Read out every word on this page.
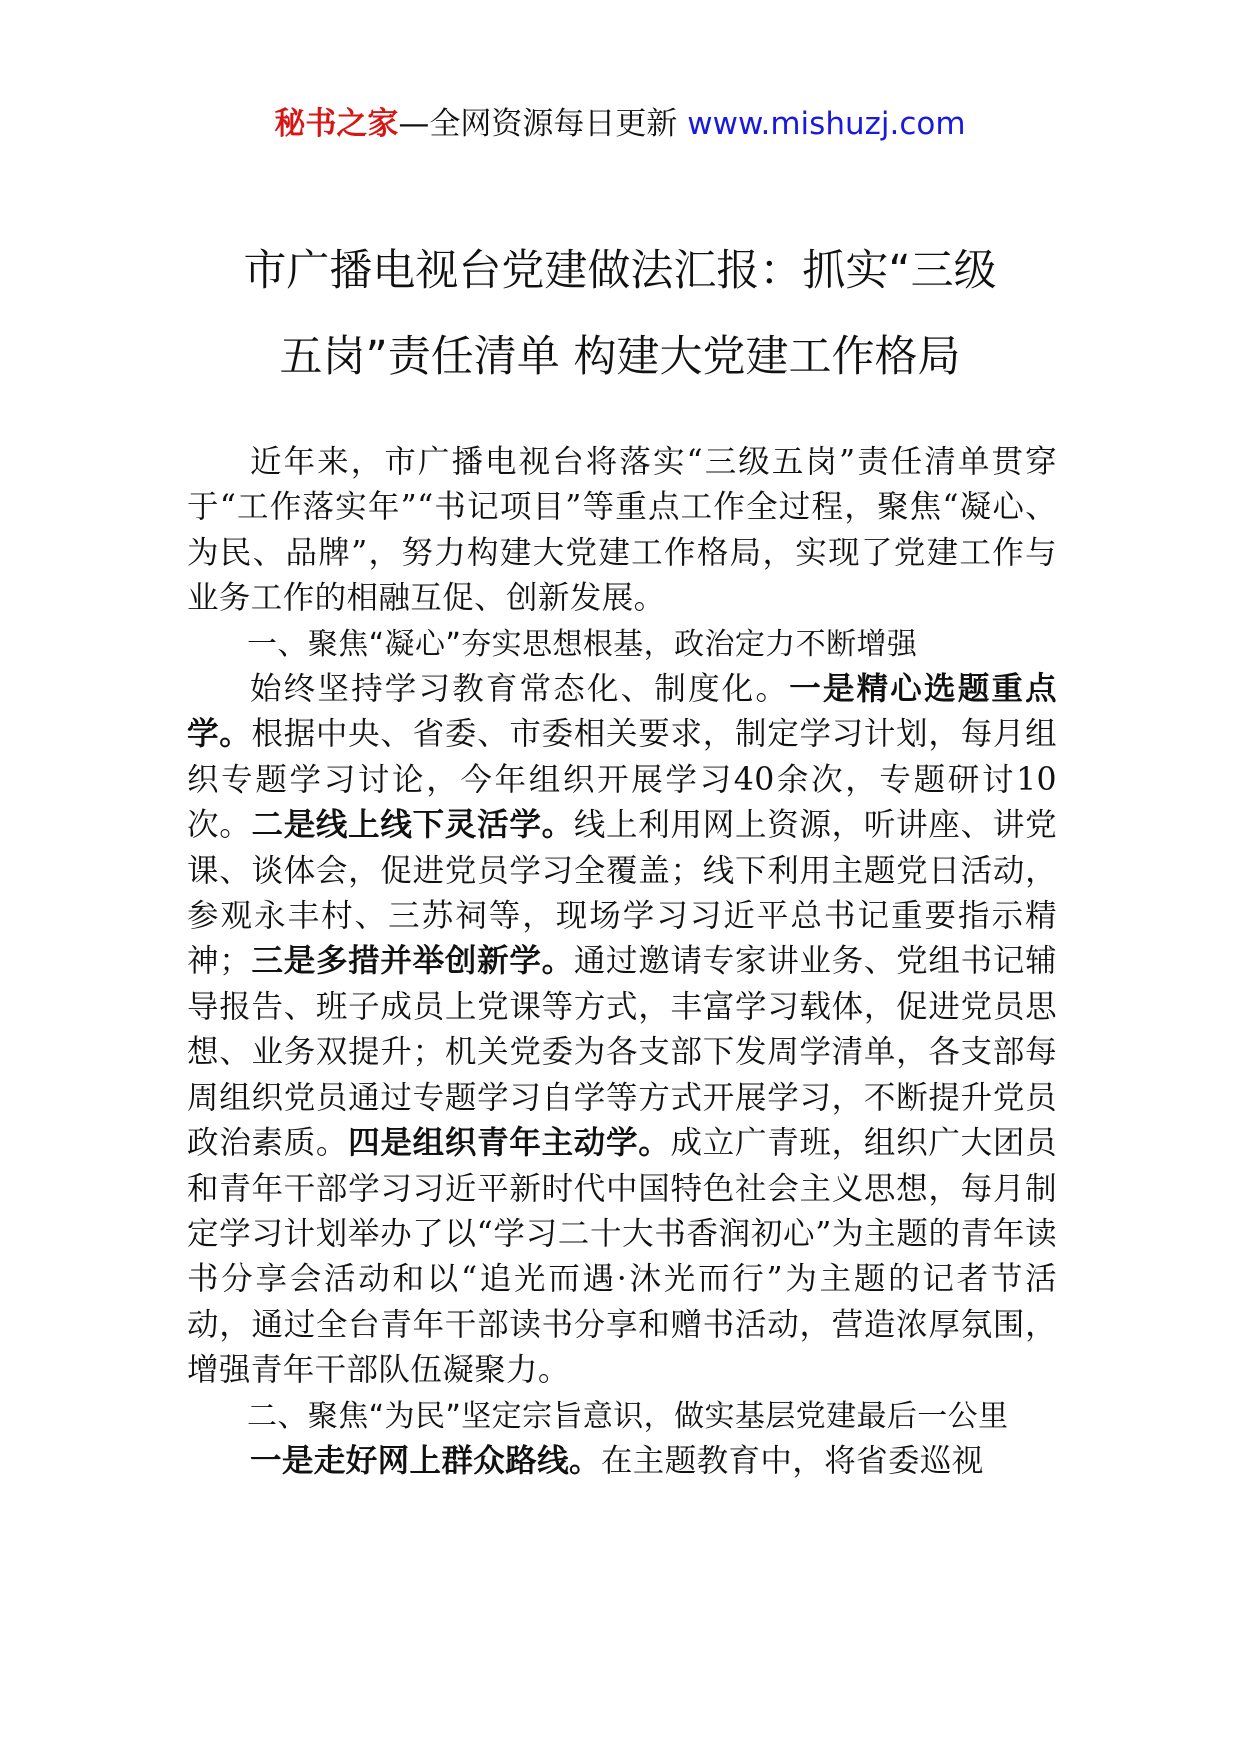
秘书之家—全网资源每日更新 www.mishuzj.com
市广播电视台党建做法汇报：抓实“三级
五岗”责任清单 构建大党建工作格局

近年来，市广播电视台将落实“三级五岗”责任清单贯穿于“工作落实年”“书记项目”等重点工作全过程，聚焦“凝心、为民、品牌”，努力构建大党建工作格局，实现了党建工作与业务工作的相融互促、创新发展。

一、聚焦“凝心”夯实思想根基，政治定力不断增强

始终坚持学习教育常态化、制度化。一是精心选题重点学。根据中央、省委、市委相关要求，制定学习计划，每月组织专题学习讨论，今年组织开展学习40余次，专题研讨10次。二是线上线下灵活学。线上利用网上资源，听讲座、讲党课、谈体会，促进党员学习全覆盖；线下利用主题党日活动，参观永丰村、三苏祠等，现场学习习近平总书记重要指示精神；三是多措并举创新学。通过邀请专家讲业务、党组书记辅导报告、班子成员上党课等方式，丰富学习载体，促进党员思想、业务双提升；机关党委为各支部下发周学清单，各支部每周组织党员通过专题学习自学等方式开展学习，不断提升党员政治素质。四是组织青年主动学。成立广青班，组织广大团员和青年干部学习习近平新时代中国特色社会主义思想，每月制定学习计划举办了以“学习二十大书香润初心”为主题的青年读书分享会活动和以“追光而遇·沐光而行”为主题的记者节活动，通过全台青年干部读书分享和赠书活动，营造浓厚氛围，增强青年干部队伍凝聚力。

二、聚焦“为民”坚定宗旨意识，做实基层党建最后一公里

一是走好网上群众路线。在主题教育中，将省委巡视
